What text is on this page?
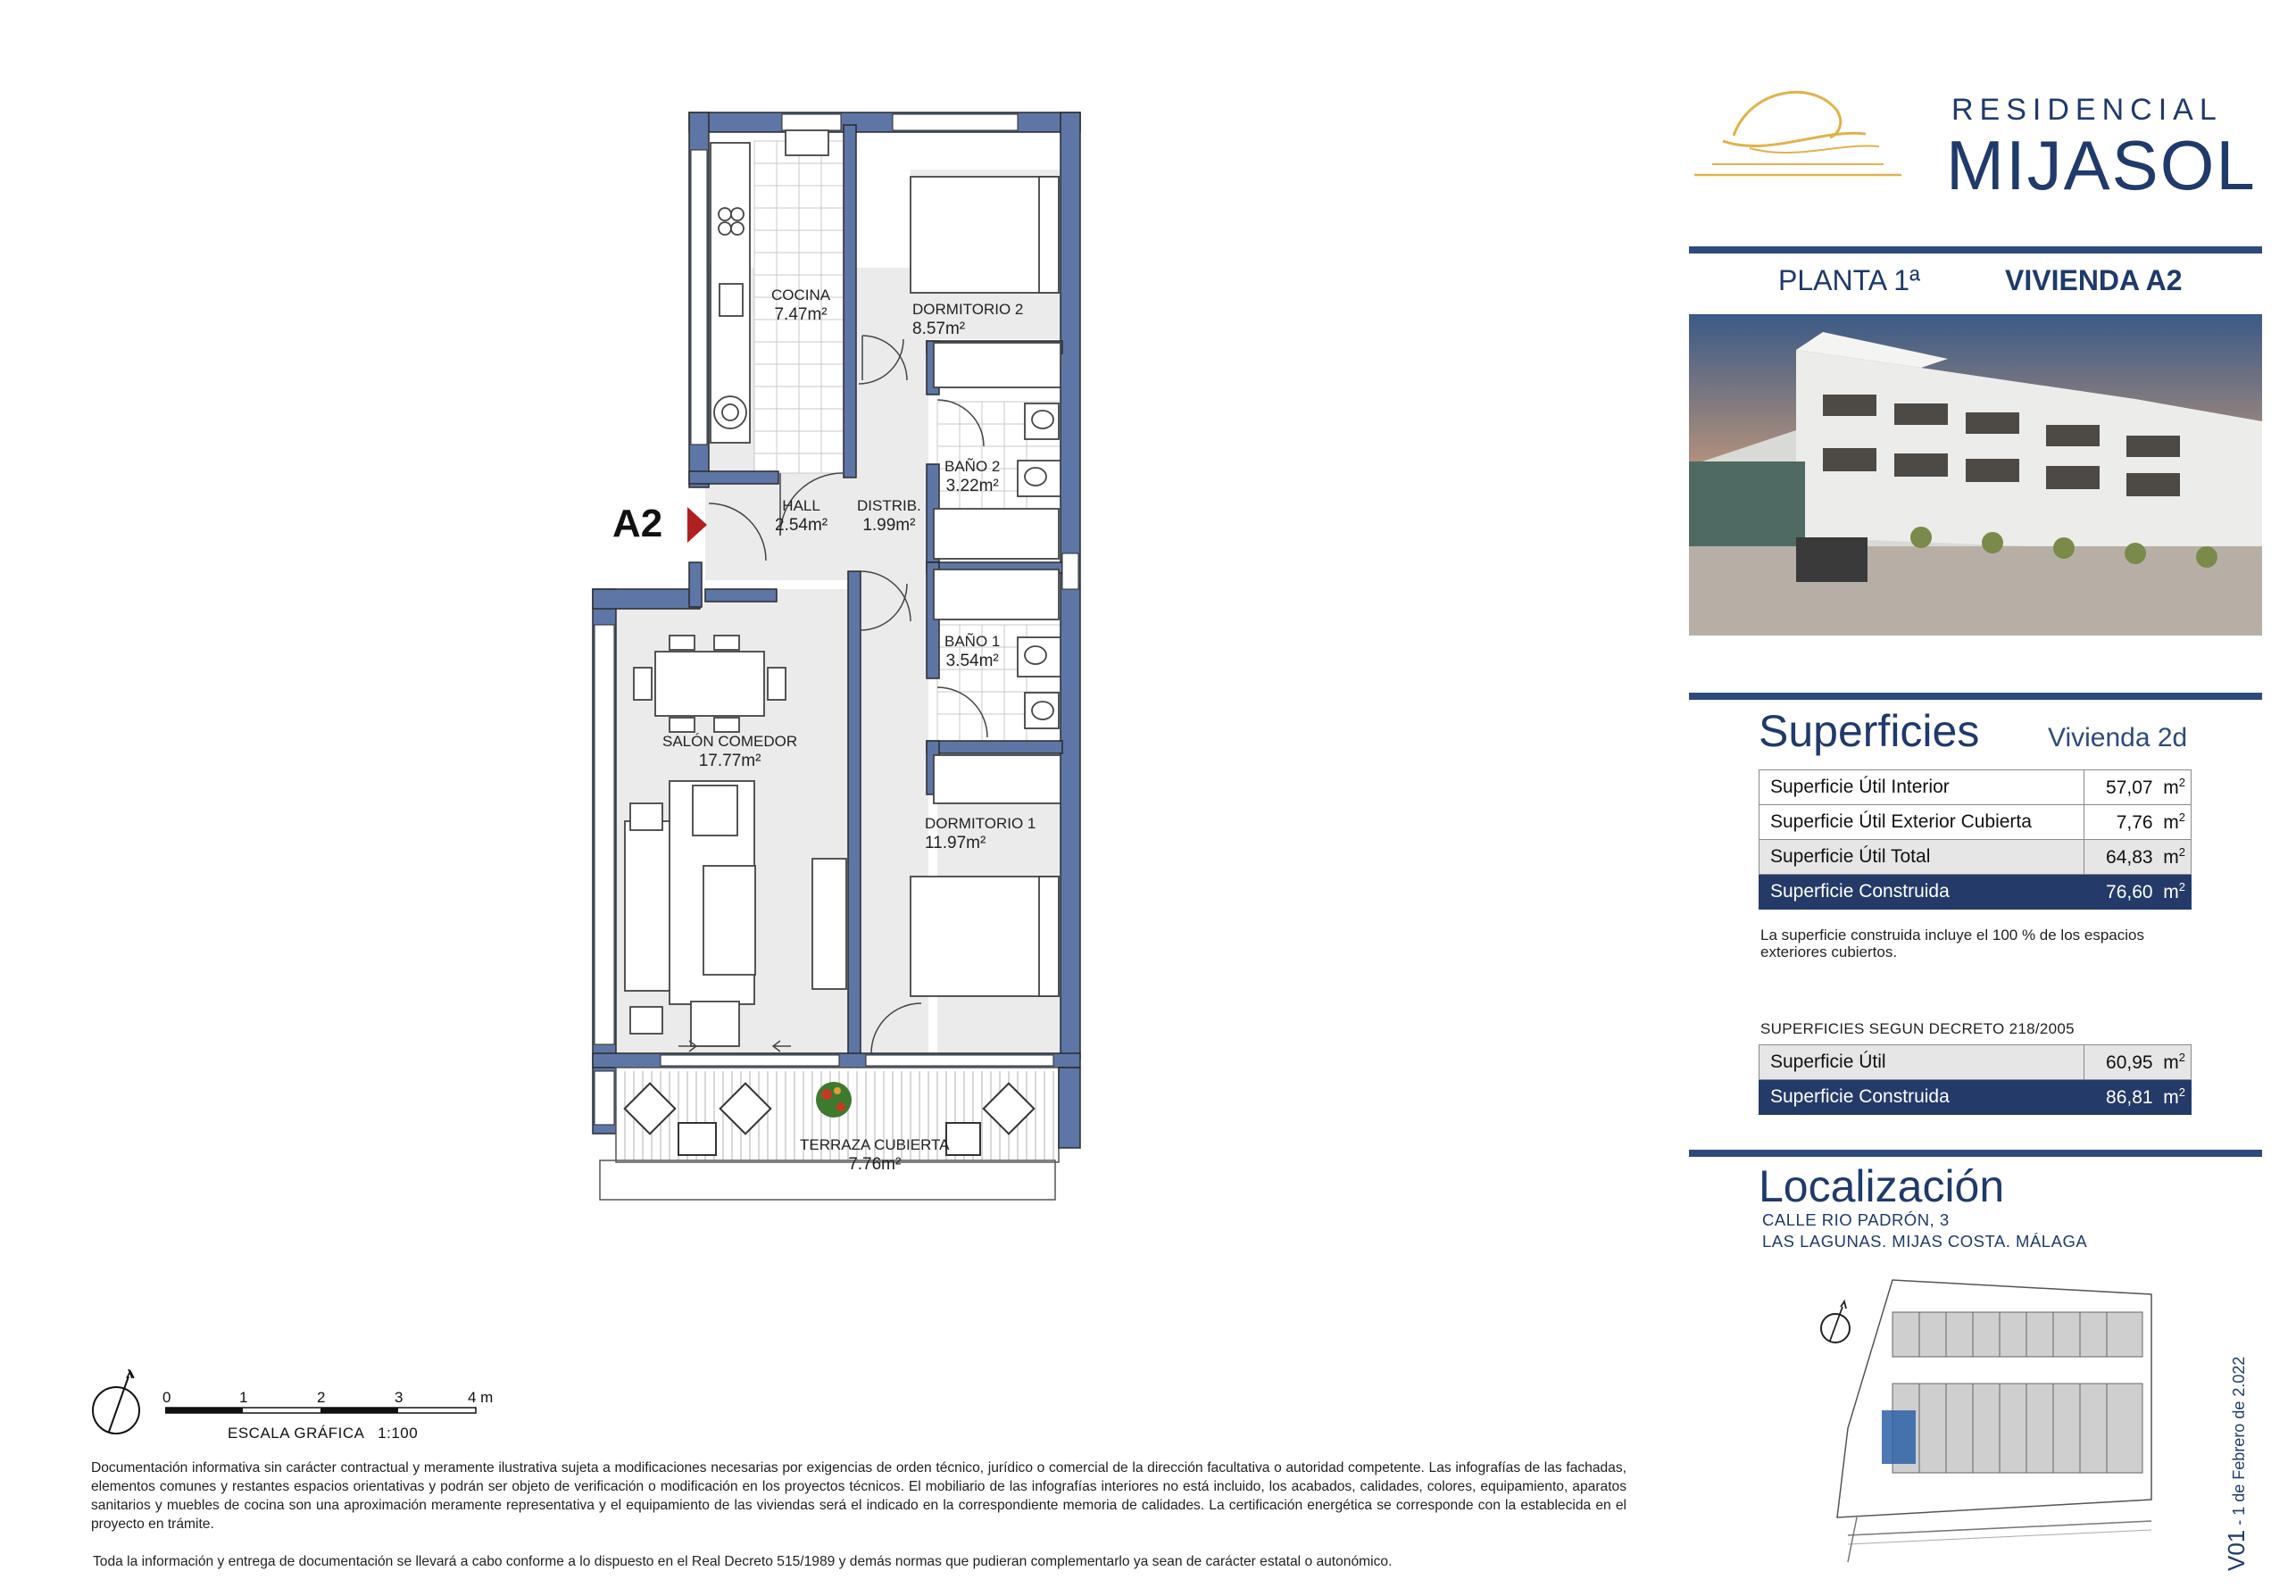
A2
COCINA
7.47m²	DORMITORIO 2
8.57m²
BAÑO 2
3.22m²
HALL
2.54m²
DISTRIB.
1.99m²
BAÑO 1
3.54m²
SALÓN COMEDOR
17.77m²
DORMITORIO 1
11.97m²
TERRAZA CUBIERTA
7.76m²
0	1	2	3	4 m
ESCALA GRÁFICA   1:100

Documentación informativa sin carácter contractual y meramente ilustrativa sujeta a modificaciones necesarias por exigencias de orden técnico, jurídico o comercial de la dirección facultativa o autoridad competente. Las infografías de las fachadas, elementos comunes y restantes espacios orientativas y podrán ser objeto de verificación o modificación en los proyectos técnicos. El mobiliario de las infografías interiores no está incluido, los acabados, calidades, colores, equipamiento, aparatos sanitarios y muebles de cocina son una aproximación meramente representativa y el equipamiento de las viviendas será el indicado en la correspondiente memoria de calidades. La certificación energética se corresponde con la establecida en el proyecto en trámite.

Toda la información y entrega de documentación se llevará a cabo conforme a lo dispuesto en el Real Decreto 515/1989 y demás normas que pudieran complementarlo ya sean de carácter estatal o autonómico.

RESIDENCIAL
MIJASOL
PLANTA 1ª	VIVIENDA A2
Superficies	Vivienda 2d
Superficie Útil Interior	57,07 $m^2$
Superficie Útil Exterior Cubierta	7,76 $m^2$
Superficie Útil Total	64,83 $m^2$
Superficie Construida	76,60 $m^2$
La superficie construida incluye el 100 % de los espacios
exteriores cubiertos.
SUPERFICIES SEGUN DECRETO 218/2005
Superficie Útil	60,95 $m^2$
Superficie Construida	86,81 $m^2$
Localización
CALLE RIO PADRÓN, 3
LAS LAGUNAS. MIJAS COSTA. MÁLAGA
V01 - 1 de Febrero de 2.022
